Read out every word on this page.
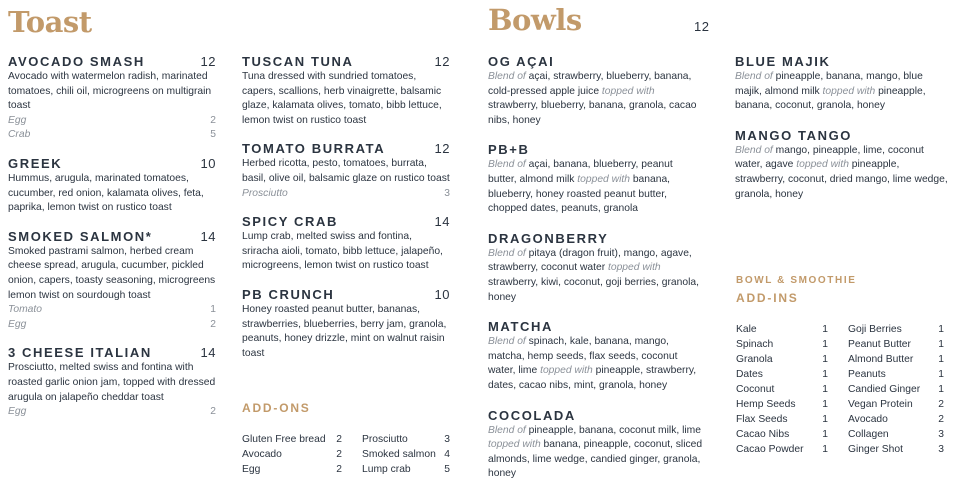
Toast	Bowls	12
AVOCADO SMASH	12
Avocado with watermelon radish, marinated tomatoes, chili oil, microgreens on multigrain toast
Egg	2
Crab	5
GREEK	10
Hummus, arugula, marinated tomatoes, cucumber, red onion, kalamata olives, feta, paprika, lemon twist on rustico toast
SMOKED SALMON*	14
Smoked pastrami salmon, herbed cream cheese spread, arugula, cucumber, pickled onion, capers, toasty seasoning, microgreens lemon twist on sourdough toast
Tomato	1
Egg	2
3 CHEESE ITALIAN	14
Prosciutto, melted swiss and fontina with roasted garlic onion jam, topped with dressed arugula on jalapeño cheddar toast
Egg	2
TUSCAN TUNA	12
Tuna dressed with sundried tomatoes, capers, scallions, herb vinaigrette, balsamic glaze, kalamata olives, tomato, bibb lettuce, lemon twist on rustico toast
TOMATO BURRATA	12
Herbed ricotta, pesto, tomatoes, burrata, basil, olive oil, balsamic glaze on rustico toast
Prosciutto	3
SPICY CRAB	14
Lump crab, melted swiss and fontina, sriracha aioli, tomato, bibb lettuce, jalapeño, microgreens, lemon twist on rustico toast
PB CRUNCH	10
Honey roasted peanut butter, bananas, strawberries, blueberries, berry jam, granola, peanuts, honey drizzle, mint on walnut raisin toast
ADD-ONS
Gluten Free bread	2
Avocado	2
Egg	2
Prosciutto	3
Smoked salmon 4
Lump crab	5
OG AÇAI
Blend of açai, strawberry, blueberry, banana, cold-pressed apple juice topped with strawberry, blueberry, banana, granola, cacao nibs, honey
PB+B
Blend of açai, banana, blueberry, peanut butter, almond milk topped with banana, blueberry, honey roasted peanut butter, chopped dates, peanuts, granola
DRAGONBERRY
Blend of pitaya (dragon fruit), mango, agave, strawberry, coconut water topped with strawberry, kiwi, coconut, goji berries, granola, honey
MATCHA
Blend of spinach, kale, banana, mango, matcha, hemp seeds, flax seeds, coconut water, lime topped with pineapple, strawberry, dates, cacao nibs, mint, granola, honey
COCOLADA
Blend of pineapple, banana, coconut milk, lime topped with banana, pineapple, coconut, sliced almonds, lime wedge, candied ginger, granola, honey
BLUE MAJIK
Blend of pineapple, banana, mango, blue majik, almond milk topped with pineapple, banana, coconut, granola, honey
MANGO TANGO
Blend of mango, pineapple, lime, coconut water, agave topped with pineapple, strawberry, coconut, dried mango, lime wedge, granola, honey
BOWL & SMOOTHIE
ADD-INS
Kale	1
Spinach	1
Granola	1
Dates	1
Coconut	1
Hemp Seeds	1
Flax Seeds	1
Cacao Nibs	1
Cacao Powder	1
Goji Berries	1
Peanut Butter	1
Almond Butter	1
Peanuts	1
Candied Ginger	1
Vegan Protein	2
Avocado	2
Collagen	3
Ginger Shot	3
